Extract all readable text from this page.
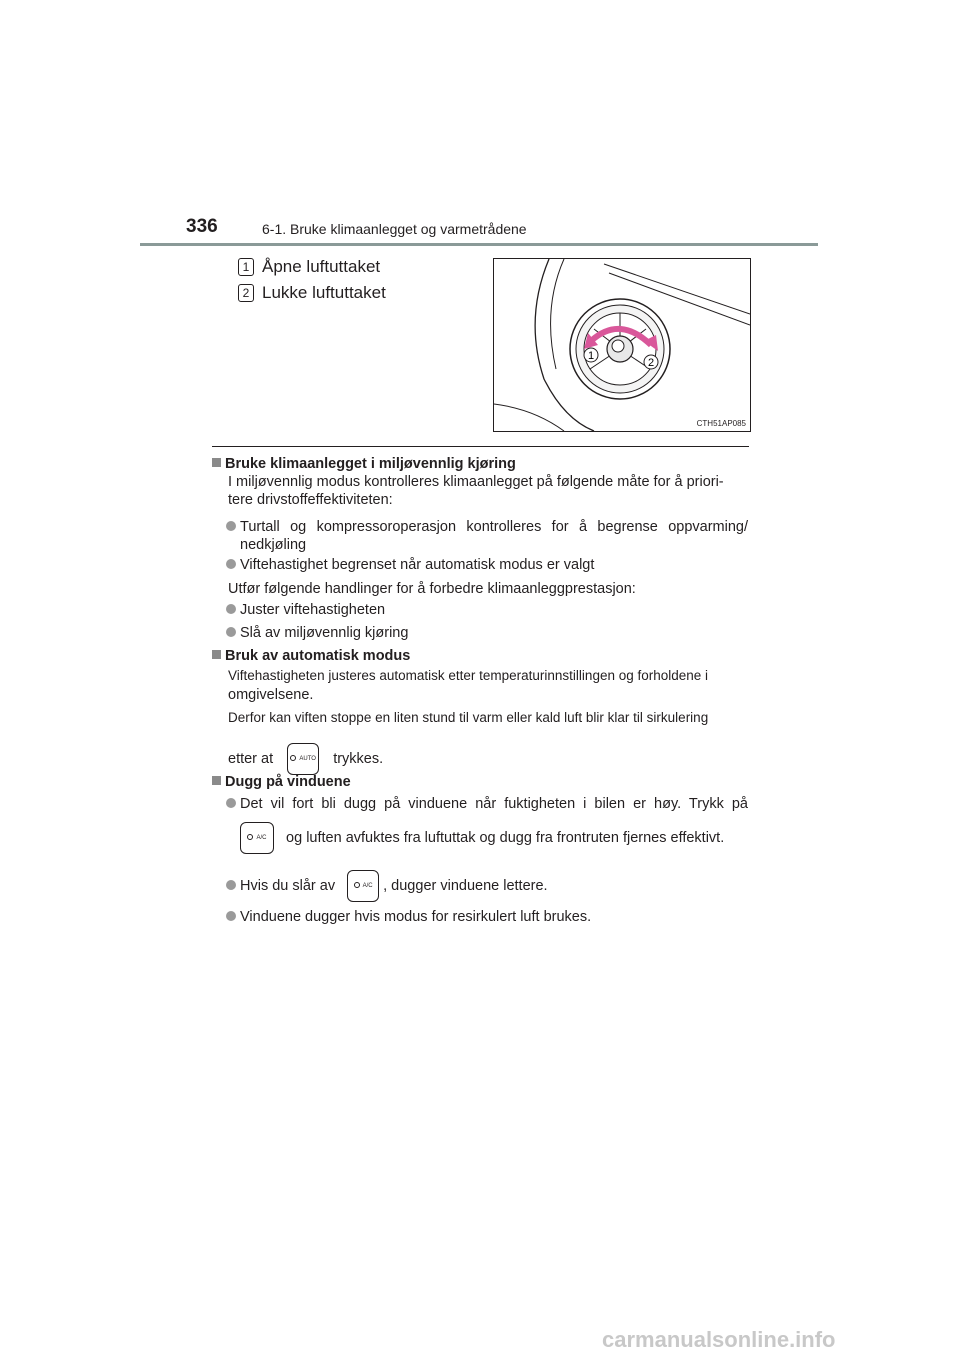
336	6-1. Bruke klimaanlegget og varmetrådene
1 Åpne luftuttaket
2 Lukke luftuttaket
1
2
CTH51AP085
Bruke klimaanlegget i miljøvennlig kjøring
I miljøvennlig modus kontrolleres klimaanlegget på følgende måte for å priori-
tere drivstoffeffektiviteten:
Turtall og kompressoroperasjon kontrolleres for å begrense oppvarming/
nedkjøling
Viftehastighet begrenset når automatisk modus er valgt
Utfør følgende handlinger for å forbedre klimaanleggprestasjon:
Juster viftehastigheten
Slå av miljøvennlig kjøring
Bruk av automatisk modus
Viftehastigheten justeres automatisk etter temperaturinnstillingen og forholdene i
omgivelsene.
Derfor kan viften stoppe en liten stund til varm eller kald luft blir klar til sirkulering
etter at	AUTO trykkes.
Dugg på vinduene
Det vil fort bli dugg på vinduene når fuktigheten i bilen er høy. Trykk på
A/C og luften avfuktes fra luftuttak og dugg fra frontruten fjernes effektivt.
Hvis du slår av	A/C , dugger vinduene lettere.
Vinduene dugger hvis modus for resirkulert luft brukes.
carmanualsonline.info
